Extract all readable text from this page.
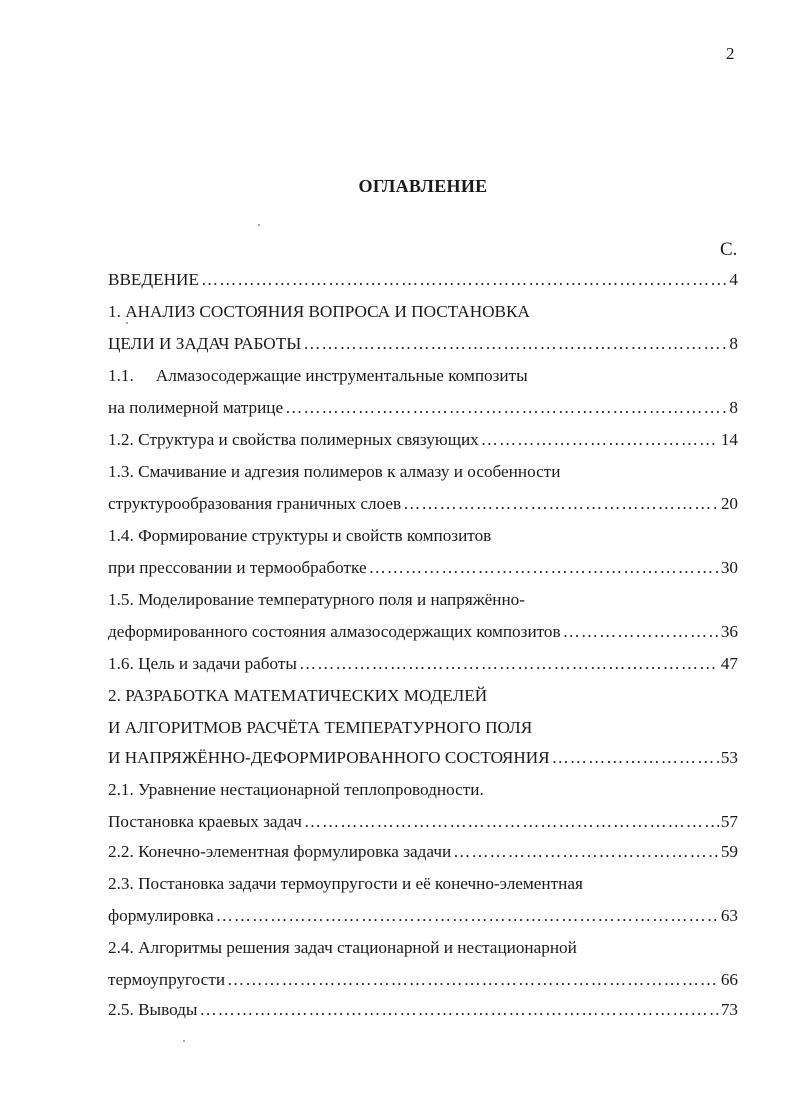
2
ОГЛАВЛЕНИЕ
С.
ВВЕДЕНИЕ ……………………………………………………………………………………………………………………	4
1. АНАЛИЗ СОСТОЯНИЯ ВОПРОСА И ПОСТАНОВКА
ЦЕЛИ И ЗАДАЧ РАБОТЫ ……………………………………………………………………………………………………………………	8
1.1. Алмазосодержащие инструментальные композиты
на полимерной матрице ……………………………………………………………………………………………………………………	8
1.2. Структура и свойства полимерных связующих ……………………………………………………………………………………………………………………	14
1.3. Смачивание и адгезия полимеров к алмазу и особенности
структурообразования граничных слоев ……………………………………………………………………………………………………………………	20
1.4. Формирование структуры и свойств композитов
при прессовании и термообработке ……………………………………………………………………………………………………………………	30
1.5. Моделирование температурного поля и напряжённо-
деформированного состояния алмазосодержащих композитов ……………………………………………………………………………………………………………………	36
1.6. Цель и задачи работы ……………………………………………………………………………………………………………………	47
2. РАЗРАБОТКА МАТЕМАТИЧЕСКИХ МОДЕЛЕЙ
И АЛГОРИТМОВ РАСЧЁТА ТЕМПЕРАТУРНОГО ПОЛЯ
И НАПРЯЖЁННО-ДЕФОРМИРОВАННОГО СОСТОЯНИЯ ……………………………………………………………………………………………………………………	53
2.1. Уравнение нестационарной теплопроводности.
Постановка краевых задач ……………………………………………………………………………………………………………………	57
2.2. Конечно-элементная формулировка задачи ……………………………………………………………………………………………………………………	59
2.3. Постановка задачи термоупругости и её конечно-элементная
формулировка ……………………………………………………………………………………………………………………	63
2.4. Алгоритмы решения задач стационарной и нестационарной
термоупругости ……………………………………………………………………………………………………………………	66
2.5. Выводы ……………………………………………………………………………………………………………………	73
